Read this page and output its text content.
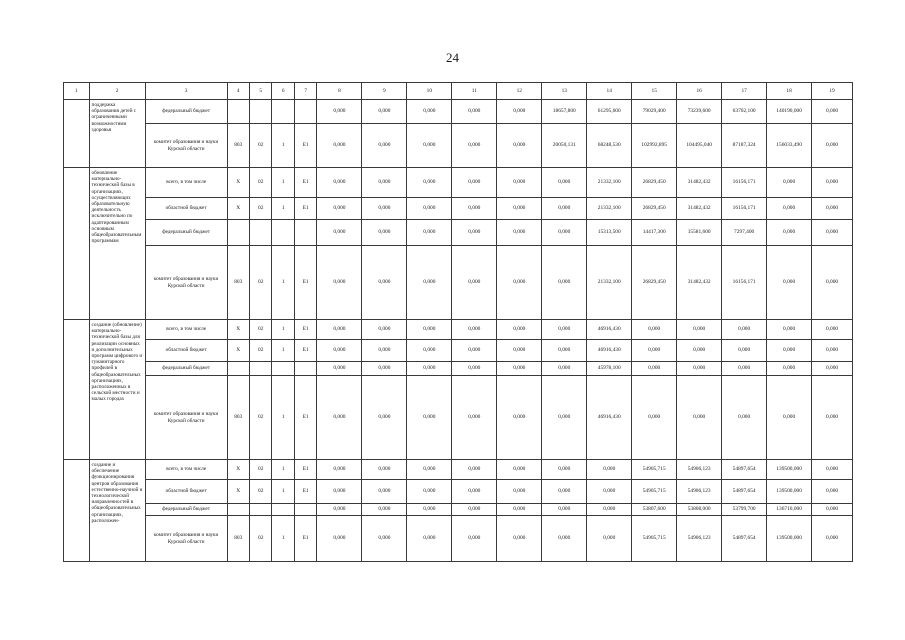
24
1	2	3	4	5	6	7	8	9	10	11	12	13	14	15	16	17	18	19
	поддержка образования детей с ограниченными возможностями здоровья	федеральный бюджет					0,000	0,000	0,000	0,000	0,000	18657,800	61295,600	79029,400	73239,600	63702,100	140190,000	0,000
		комитет образования и науки Курской области	803	02	1	Е1	0,000	0,000	0,000	0,000	0,000	20050,131	68248,530	102992,895	104495,040	87187,324	156033,490	0,000
	обновление материально-технической базы в организациях, осуществляющих образовательную деятельность исключительно по адаптированным основным общеобразовательным программам	всего, в том числе	Х	02	1	Е1	0,000	0,000	0,000	0,000	0,000	0,000	21332,100	26829,450	31482,432	16156,171	0,000	0,000
		областной бюджет	Х	02	1	Е1	0,000	0,000	0,000	0,000	0,000	0,000	21332,100	26829,450	31482,432	16156,171	0,000	0,000
		федеральный бюджет					0,000	0,000	0,000	0,000	0,000	0,000	15313,500	14417,300	15581,600	7297,400	0,000	0,000
		комитет образования и науки Курской области	803	02	1	Е1	0,000	0,000	0,000	0,000	0,000	0,000	21332,100	26829,450	31482,432	16156,171	0,000	0,000
	создание (обновление) материально-технической базы для реализации основных и дополнительных программ цифрового и гуманитарного профилей в общеобразовательных организациях, расположенных в сельской местности и малых городах	всего, в том числе	Х	02	1	Е1	0,000	0,000	0,000	0,000	0,000	0,000	46916,430	0,000	0,000	0,000	0,000	0,000
		областной бюджет	Х	02	1	Е1	0,000	0,000	0,000	0,000	0,000	0,000	46916,430	0,000	0,000	0,000	0,000	0,000
		федеральный бюджет					0,000	0,000	0,000	0,000	0,000	0,000	45978,100	0,000	0,000	0,000	0,000	0,000
		комитет образования и науки Курской области	803	02	1	Е1	0,000	0,000	0,000	0,000	0,000	0,000	46916,430	0,000	0,000	0,000	0,000	0,000
	создание и обеспечение функционирования центров образования естественно-научной и технологической направленностей в общеобразовательных организациях, расположен-	всего, в том числе	Х	02	1	Е1	0,000	0,000	0,000	0,000	0,000	0,000	0,000	54905,715	54906,123	54897,654	139500,000	0,000
		областной бюджет	Х	02	1	Е1	0,000	0,000	0,000	0,000	0,000	0,000	0,000	54905,715	54906,123	54897,654	139500,000	0,000
		федеральный бюджет					0,000	0,000	0,000	0,000	0,000	0,000	0,000	53807,600	53808,000	53799,700	136710,000	0,000
		комитет образования и науки Курской области	803	02	1	Е1	0,000	0,000	0,000	0,000	0,000	0,000	0,000	54905,715	54906,123	54897,654	139500,000	0,000
